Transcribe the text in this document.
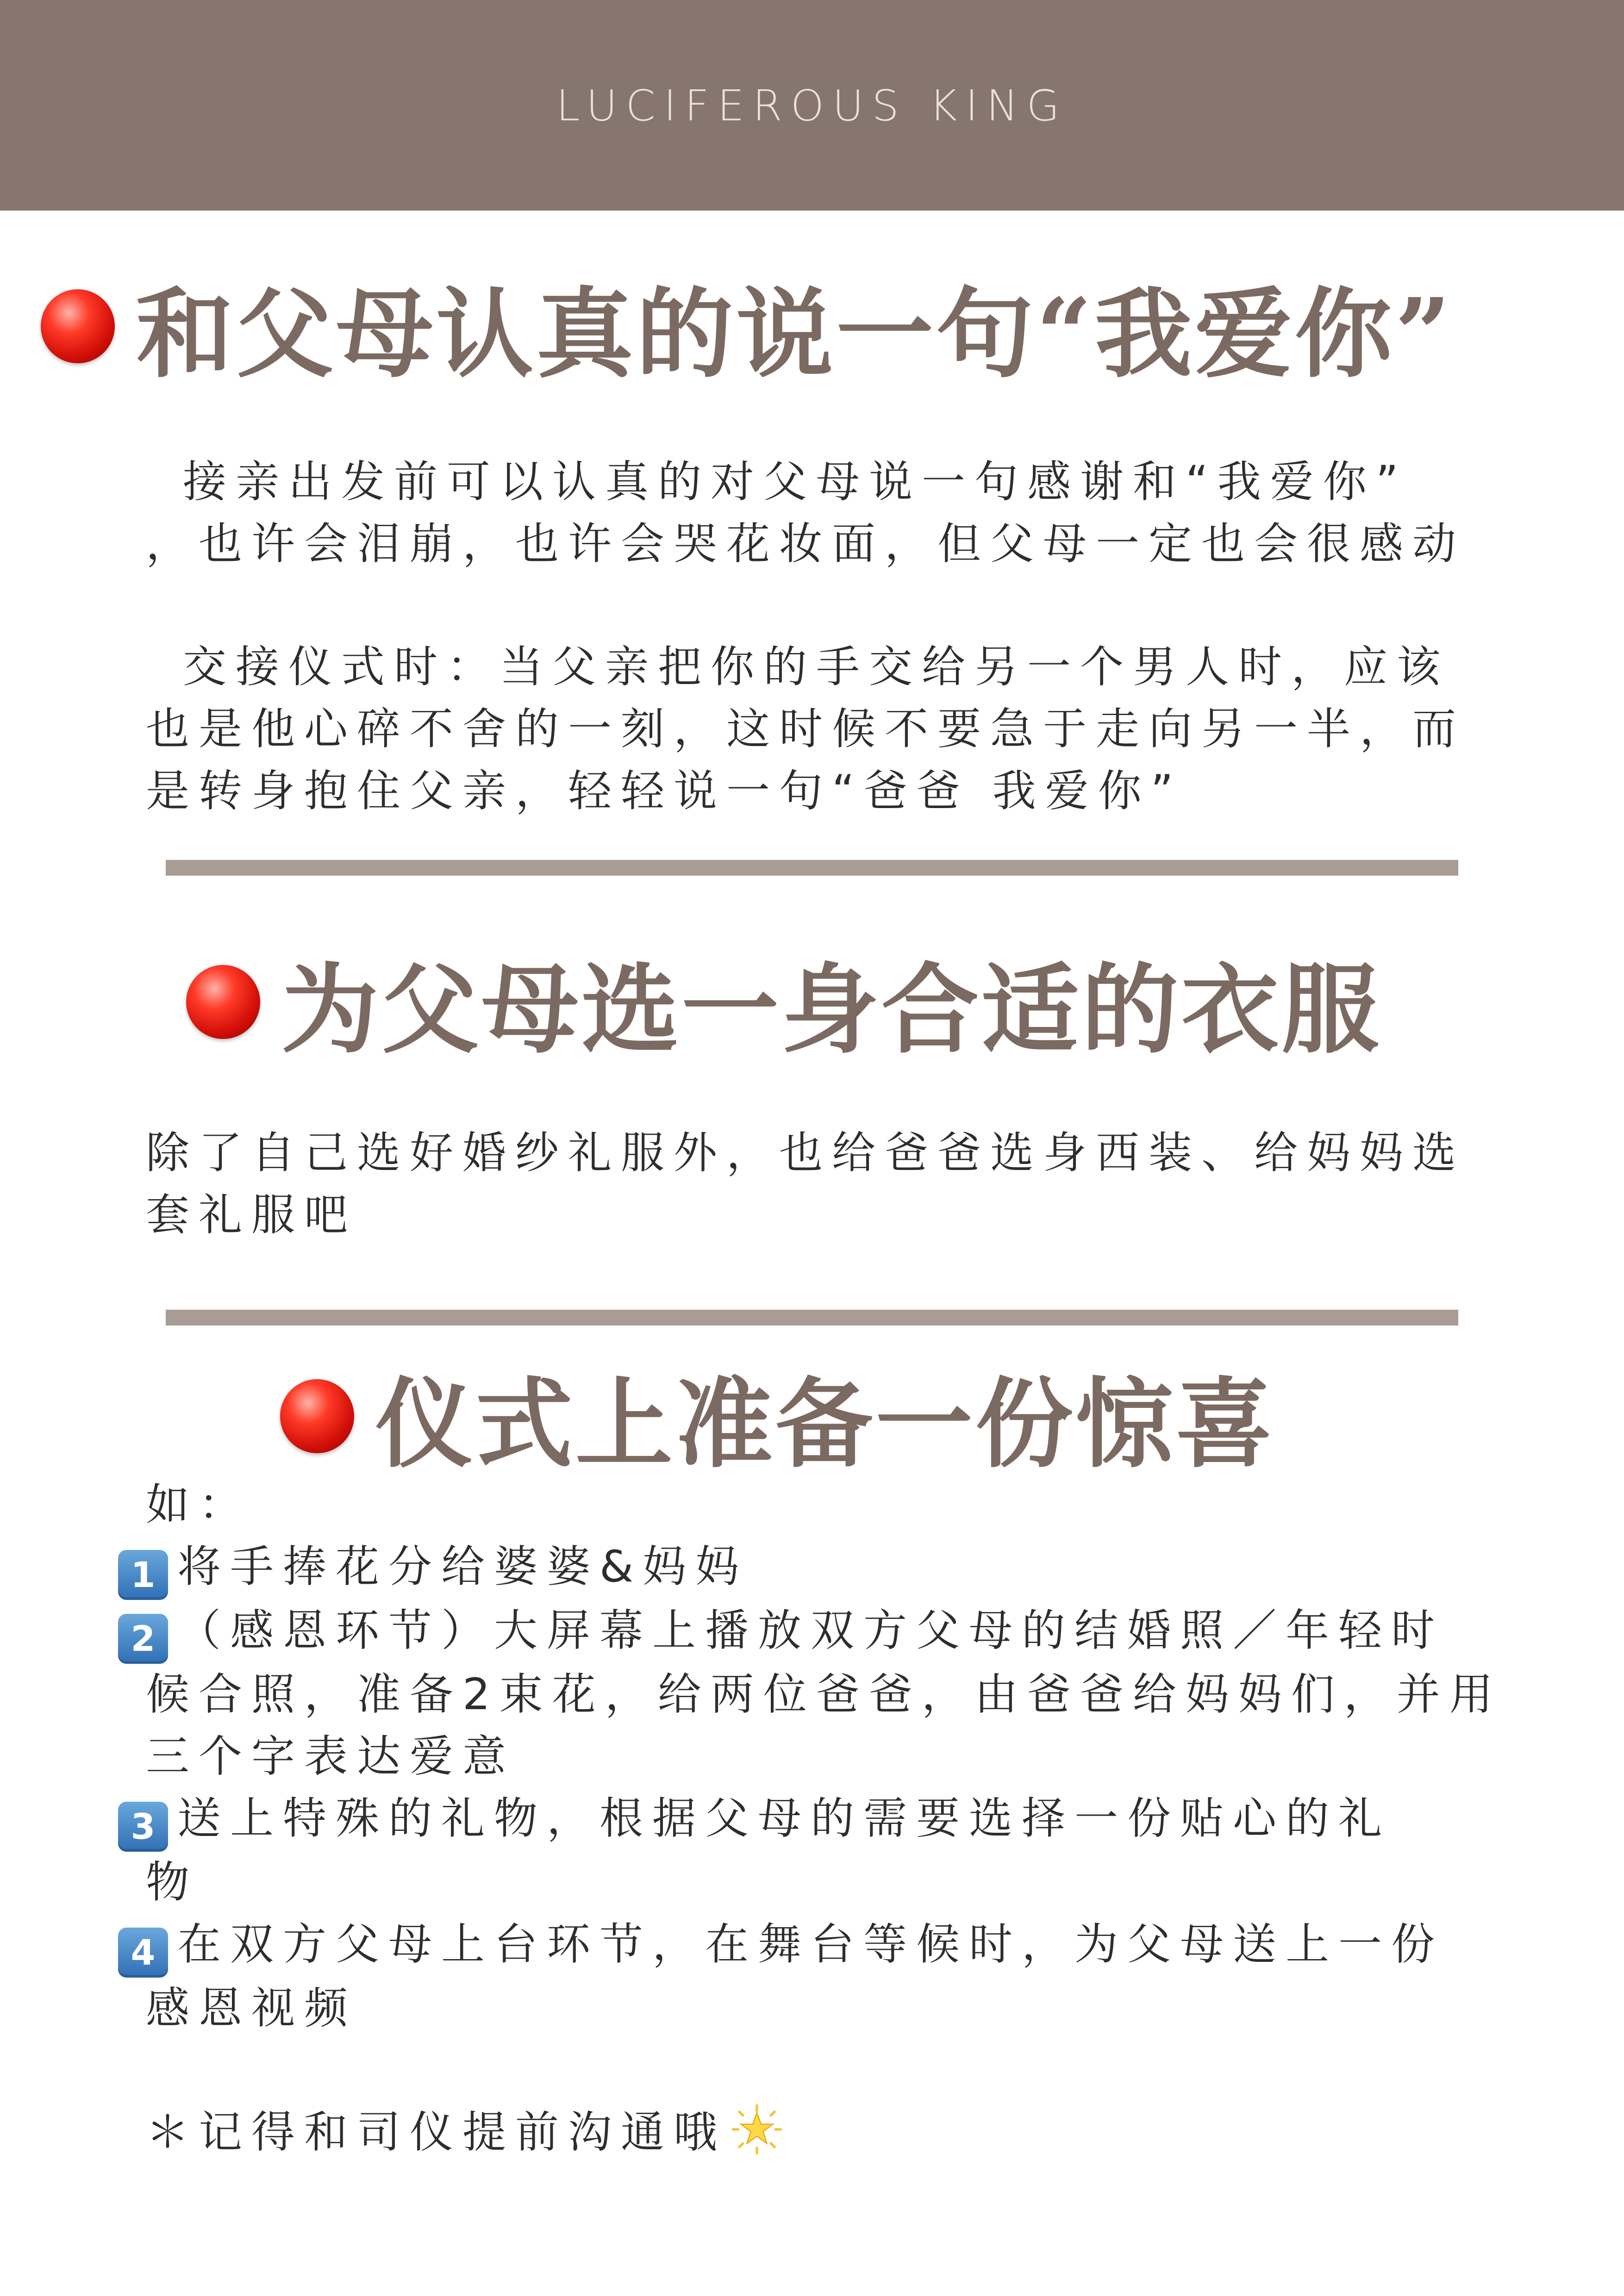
LUCIFEROUS KING
和父母认真的说一句“我爱你”
接亲出发前可以认真的对父母说一句感谢和“我爱你”
，也许会泪崩，也许会哭花妆面，但父母一定也会很感动
交接仪式时：当父亲把你的手交给另一个男人时，应该
也是他心碎不舍的一刻，这时候不要急于走向另一半，而
是转身抱住父亲，轻轻说一句“爸爸 我爱你”
为父母选一身合适的衣服
除了自己选好婚纱礼服外，也给爸爸选身西装、给妈妈选
套礼服吧
仪式上准备一份惊喜
如：
1 将手捧花分给婆婆&妈妈
2 （感恩环节）大屏幕上播放双方父母的结婚照／年轻时
候合照，准备2束花，给两位爸爸，由爸爸给妈妈们，并用
三个字表达爱意
3 送上特殊的礼物，根据父母的需要选择一份贴心的礼
物
4 在双方父母上台环节，在舞台等候时，为父母送上一份
感恩视频

＊记得和司仪提前沟通哦
